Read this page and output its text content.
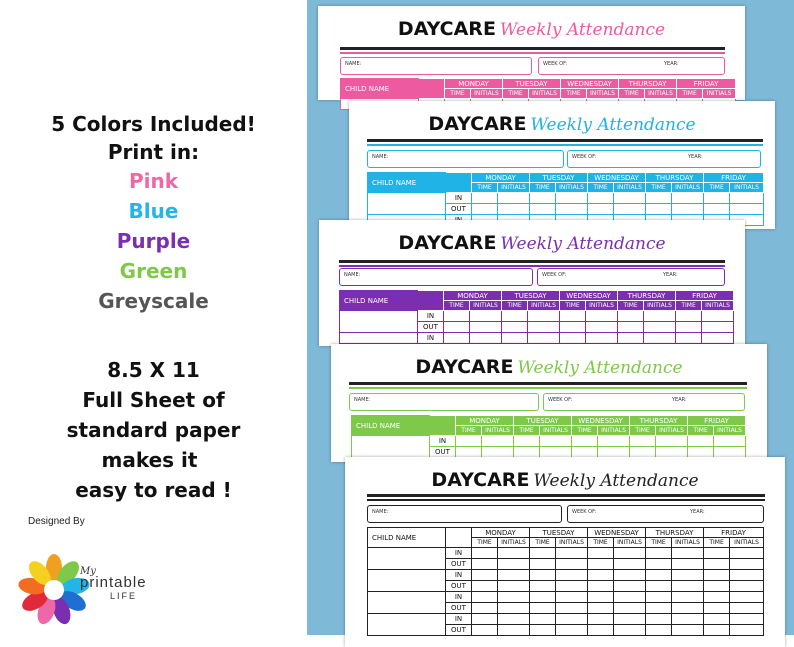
5 Colors Included!
Print in:
Pink
Blue
Purple
Green
Greyscale
8.5 X 11
Full Sheet of
standard paper
makes it
easy to read !
Designed By
My
printable
LIFE
DAYCARE Weekly Attendance
NAME:	WEEK OF:	YEAR:
CHILD NAME		MONDAY		TUESDAY		WEDNESDAY		THURSDAY		FRIDAY	
		TIME	INITIALS	TIME	INITIALS	TIME	INITIALS	TIME	INITIALS	TIME	INITIALS

DAYCARE Weekly Attendance
NAME:	WEEK OF:	YEAR:
CHILD NAME		MONDAY		TUESDAY		WEDNESDAY		THURSDAY		FRIDAY	
		TIME	INITIALS	TIME	INITIALS	TIME	INITIALS	TIME	INITIALS	TIME	INITIALS
	IN										
	OUT										

DAYCARE Weekly Attendance
NAME:	WEEK OF:	YEAR:
CHILD NAME		MONDAY		TUESDAY		WEDNESDAY		THURSDAY		FRIDAY	
		TIME	INITIALS	TIME	INITIALS	TIME	INITIALS	TIME	INITIALS	TIME	INITIALS
	IN										
	OUT										
	IN										
DAYCARE Weekly Attendance
NAME:	WEEK OF:	YEAR:
CHILD NAME		MONDAY		TUESDAY		WEDNESDAY		THURSDAY		FRIDAY	
		TIME	INITIALS	TIME	INITIALS	TIME	INITIALS	TIME	INITIALS	TIME	INITIALS
	IN										
	OUT										
DAYCARE Weekly Attendance
NAME:	WEEK OF:	YEAR:
CHILD NAME		MONDAY		TUESDAY		WEDNESDAY		THURSDAY		FRIDAY	
		TIME	INITIALS	TIME	INITIALS	TIME	INITIALS	TIME	INITIALS	TIME	INITIALS
	IN										
	OUT										
	IN										
	OUT										
	IN										
	OUT										
	IN										
	OUT										
